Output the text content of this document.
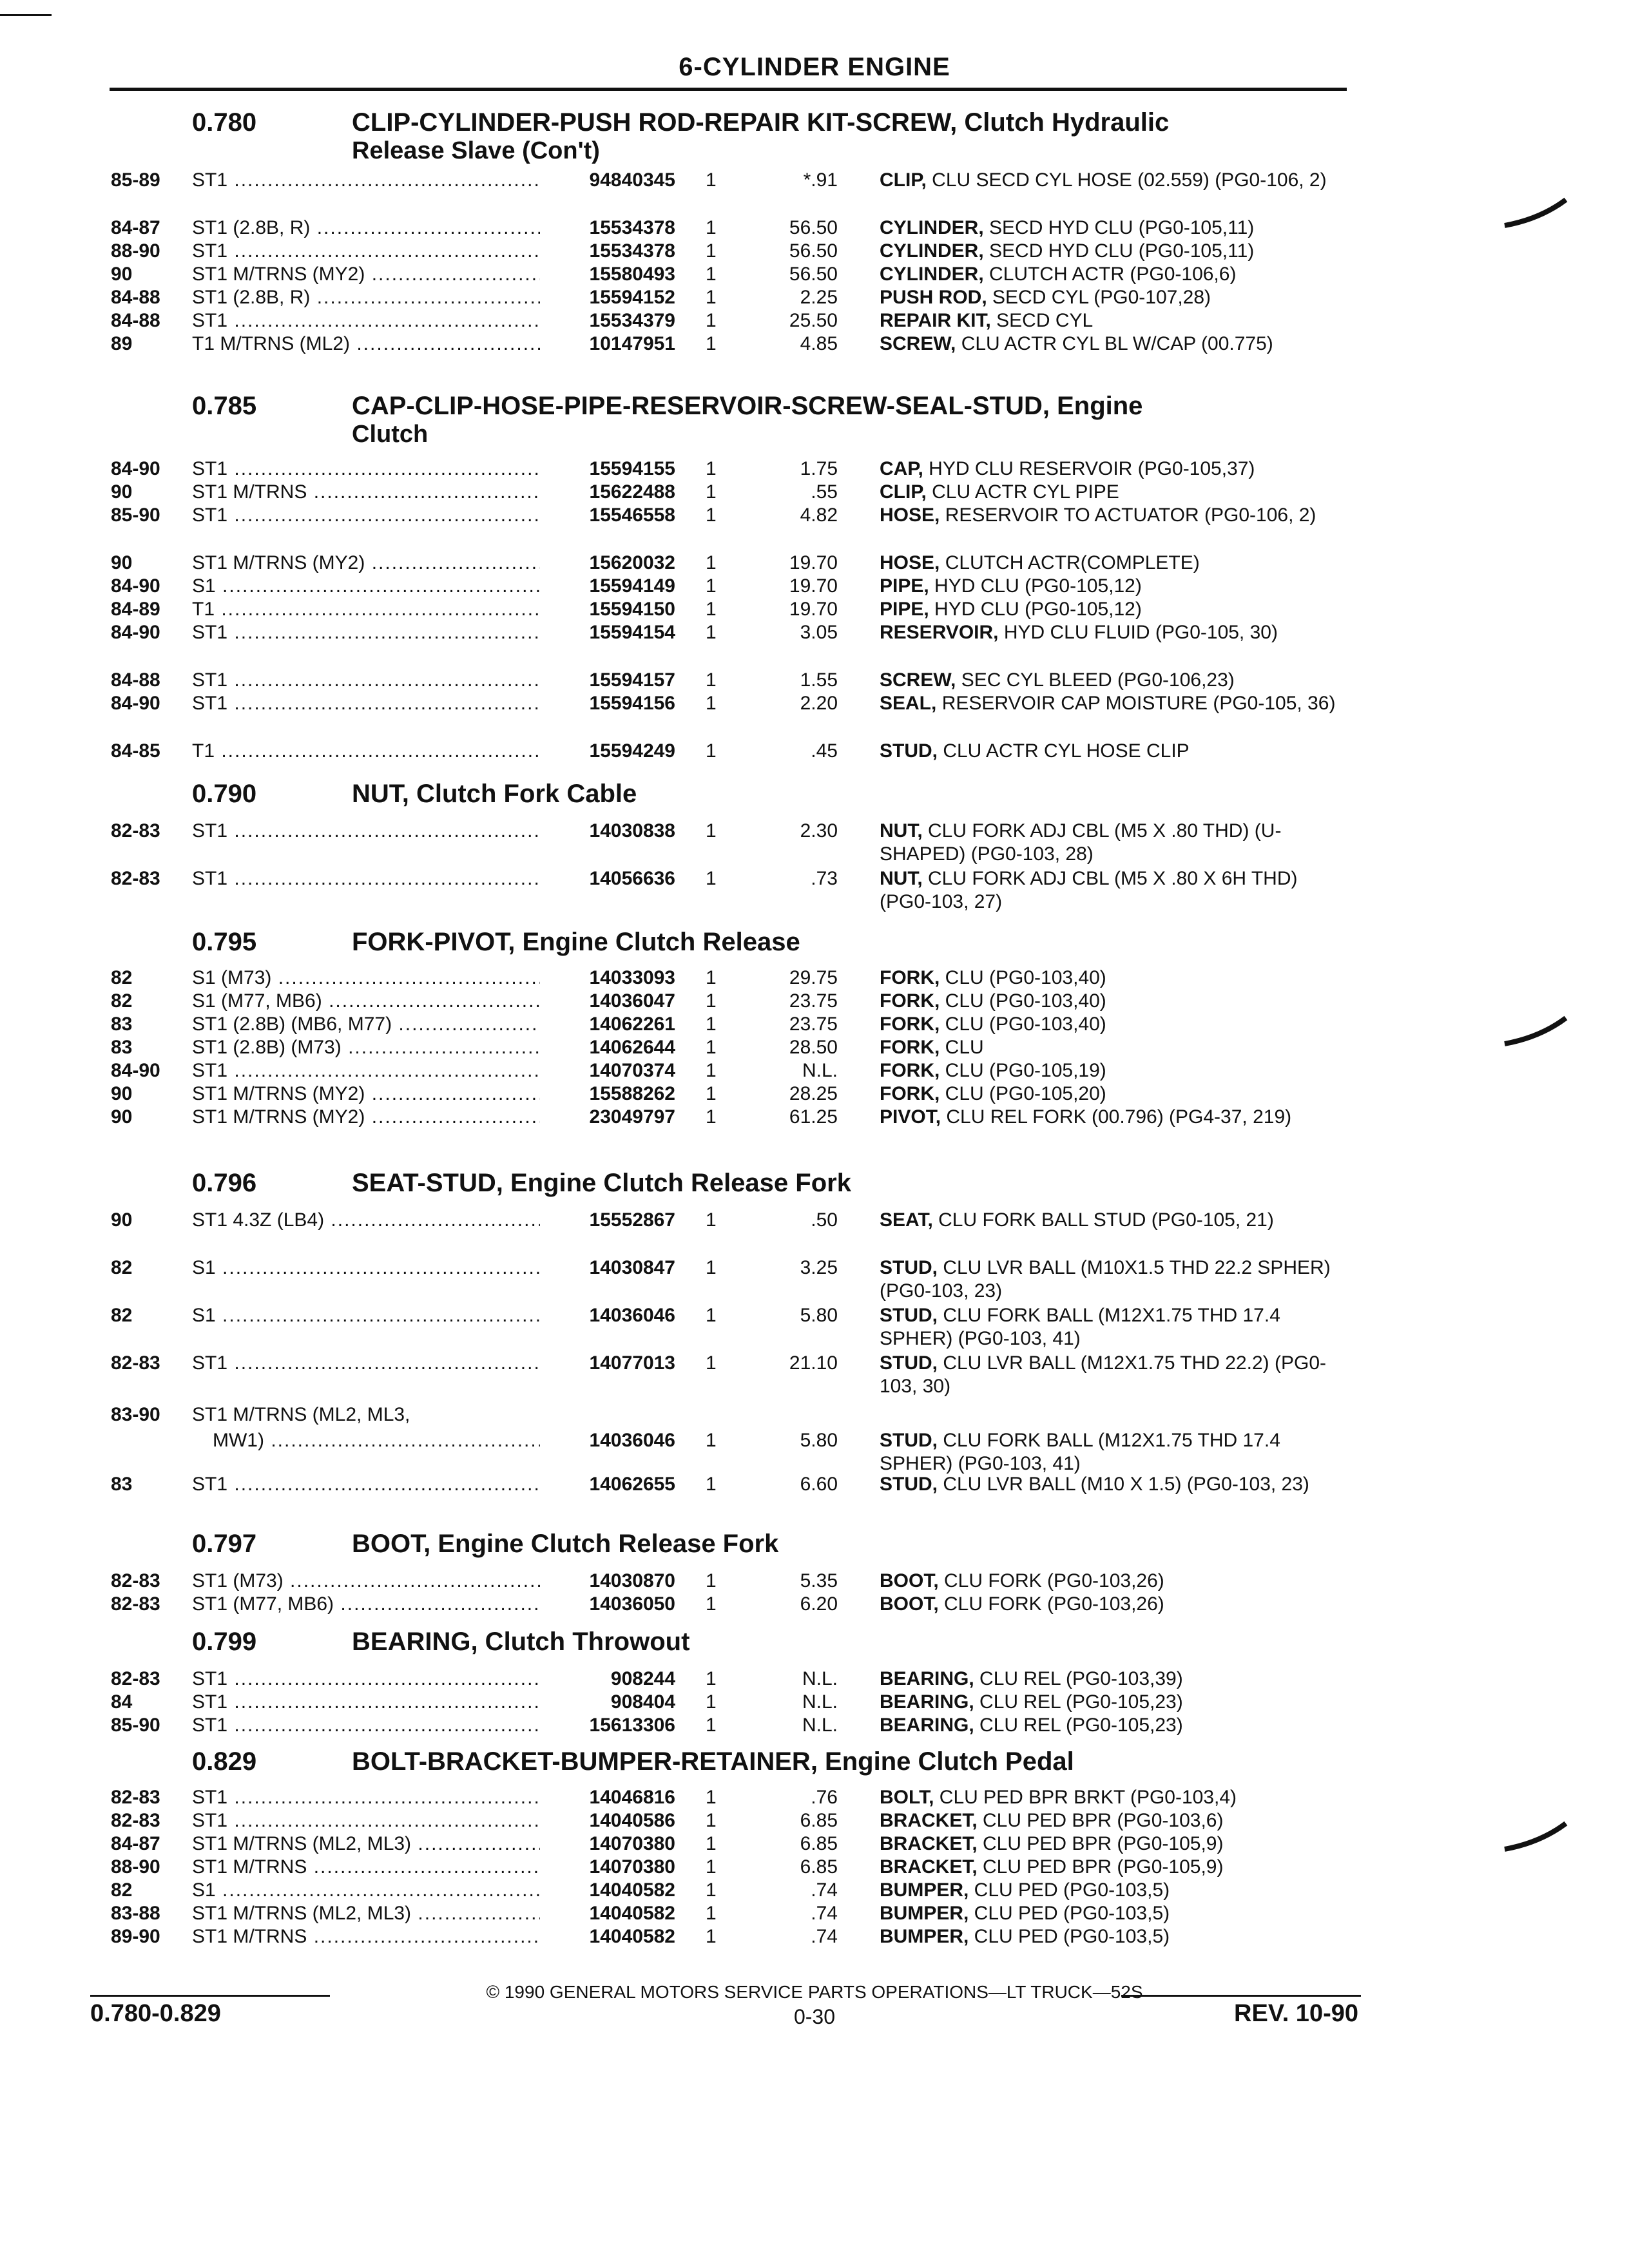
6-CYLINDER ENGINE
0.780	CLIP-CYLINDER-PUSH ROD-REPAIR KIT-SCREW, Clutch Hydraulic
Release Slave (Con't)
85-89 ST1 .....	94840345 1	*.91 CLIP, CLU SECD CYL HOSE (02.559) (PG0-106, 2)
84-87 ST1 (2.8B, R) .....	15534378 1	56.50 CYLINDER, SECD HYD CLU (PG0-105,11)
88-90 ST1 .....	15534378 1	56.50 CYLINDER, SECD HYD CLU (PG0-105,11)
90	ST1 M/TRNS (MY2) .....	15580493 1	56.50 CYLINDER, CLUTCH ACTR (PG0-106,6)
84-88 ST1 (2.8B, R) .....	15594152 1	2.25 PUSH ROD, SECD CYL (PG0-107,28)
84-88 ST1 .....	15534379 1	25.50 REPAIR KIT, SECD CYL
89	T1 M/TRNS (ML2) .....	10147951 1	4.85 SCREW, CLU ACTR CYL BL W/CAP (00.775)
0.785	CAP-CLIP-HOSE-PIPE-RESERVOIR-SCREW-SEAL-STUD, Engine
Clutch
84-90 ST1 .....	15594155 1	1.75 CAP, HYD CLU RESERVOIR (PG0-105,37)
90	ST1 M/TRNS .....	15622488 1	.55 CLIP, CLU ACTR CYL PIPE
85-90 ST1 .....	15546558 1	4.82 HOSE, RESERVOIR TO ACTUATOR (PG0-106, 2)
90	ST1 M/TRNS (MY2) .....	15620032 1	19.70 HOSE, CLUTCH ACTR(COMPLETE)
84-90 S1 .....	15594149 1	19.70 PIPE, HYD CLU (PG0-105,12)
84-89 T1 .....	15594150 1	19.70 PIPE, HYD CLU (PG0-105,12)
84-90 ST1 .....	15594154 1	3.05 RESERVOIR, HYD CLU FLUID (PG0-105, 30)
84-88 ST1 .....	15594157 1	1.55 SCREW, SEC CYL BLEED (PG0-106,23)
84-90 ST1 .....	15594156 1	2.20 SEAL, RESERVOIR CAP MOISTURE (PG0-105, 36)
84-85 T1 .....	15594249 1	.45 STUD, CLU ACTR CYL HOSE CLIP
0.790	NUT, Clutch Fork Cable
82-83 ST1 .....	14030838 1	2.30 NUT, CLU FORK ADJ CBL (M5 X .80 THD) (U-SHAPED) (PG0-103, 28)
82-83 ST1 .....	14056636 1	.73 NUT, CLU FORK ADJ CBL (M5 X .80 X 6H THD) (PG0-103, 27)
0.795	FORK-PIVOT, Engine Clutch Release
82	S1 (M73) .....	14033093 1	29.75 FORK, CLU (PG0-103,40)
82	S1 (M77, MB6) .....	14036047 1	23.75 FORK, CLU (PG0-103,40)
83	ST1 (2.8B) (MB6, M77) .....	14062261 1	23.75 FORK, CLU (PG0-103,40)
83	ST1 (2.8B) (M73) .....	14062644 1	28.50 FORK, CLU
84-90 ST1 .....	14070374 1	N.L. FORK, CLU (PG0-105,19)
90	ST1 M/TRNS (MY2) .....	15588262 1	28.25 FORK, CLU (PG0-105,20)
90	ST1 M/TRNS (MY2) .....	23049797 1	61.25 PIVOT, CLU REL FORK (00.796) (PG4-37, 219)
0.796	SEAT-STUD, Engine Clutch Release Fork
90	ST1 4.3Z (LB4) .....	15552867 1	.50 SEAT, CLU FORK BALL STUD (PG0-105, 21)
82	S1 .....	14030847 1	3.25 STUD, CLU LVR BALL (M10X1.5 THD 22.2 SPHER) (PG0-103, 23)
82	S1 .....	14036046 1	5.80 STUD, CLU FORK BALL (M12X1.75 THD 17.4 SPHER) (PG0-103, 41)
82-83 ST1 .....	14077013 1	21.10 STUD, CLU LVR BALL (M12X1.75 THD 22.2) (PG0-103, 30)
83-90 ST1 M/TRNS (ML2, ML3,
MW1) .....	14036046 1	5.80 STUD, CLU FORK BALL (M12X1.75 THD 17.4 SPHER) (PG0-103, 41)
83	ST1 .....	14062655 1	6.60 STUD, CLU LVR BALL (M10 X 1.5) (PG0-103, 23)
0.797	BOOT, Engine Clutch Release Fork
82-83 ST1 (M73) .....	14030870 1	5.35 BOOT, CLU FORK (PG0-103,26)
82-83 ST1 (M77, MB6) .....	14036050 1	6.20 BOOT, CLU FORK (PG0-103,26)
0.799	BEARING, Clutch Throwout
82-83 ST1 .....	908244 1	N.L. BEARING, CLU REL (PG0-103,39)
84	ST1 .....	908404 1	N.L. BEARING, CLU REL (PG0-105,23)
85-90 ST1 .....	15613306 1	N.L. BEARING, CLU REL (PG0-105,23)
0.829	BOLT-BRACKET-BUMPER-RETAINER, Engine Clutch Pedal
82-83 ST1 .....	14046816 1	.76 BOLT, CLU PED BPR BRKT (PG0-103,4)
82-83 ST1 .....	14040586 1	6.85 BRACKET, CLU PED BPR (PG0-103,6)
84-87 ST1 M/TRNS (ML2, ML3) .....	14070380 1	6.85 BRACKET, CLU PED BPR (PG0-105,9)
88-90 ST1 M/TRNS .....	14070380 1	6.85 BRACKET, CLU PED BPR (PG0-105,9)
82	S1 .....	14040582 1	.74 BUMPER, CLU PED (PG0-103,5)
83-88 ST1 M/TRNS (ML2, ML3) .....	14040582 1	.74 BUMPER, CLU PED (PG0-103,5)
89-90 ST1 M/TRNS .....	14040582 1	.74 BUMPER, CLU PED (PG0-103,5)
© 1990 GENERAL MOTORS SERVICE PARTS OPERATIONS—LT TRUCK—52S
0.780-0.829	0-30	REV. 10-90
